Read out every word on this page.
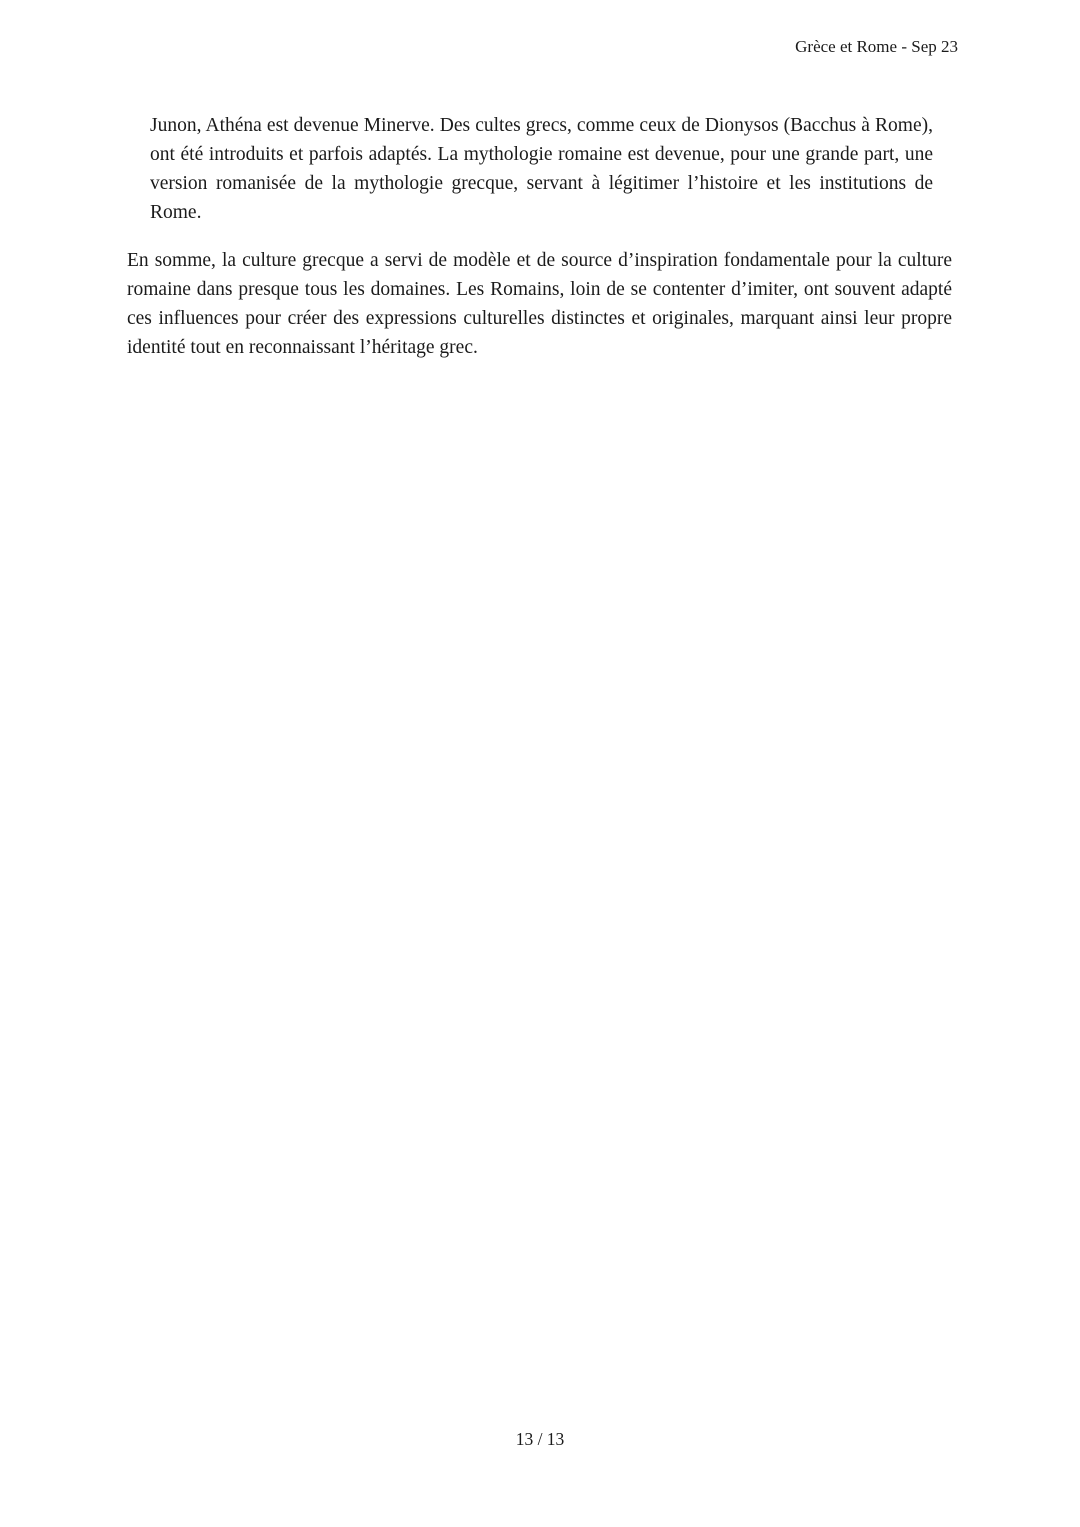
Grèce et Rome - Sep 23

Junon, Athéna est devenue Minerve. Des cultes grecs, comme ceux de Dionysos (Bacchus à Rome), ont été introduits et parfois adaptés. La mythologie romaine est devenue, pour une grande part, une version romanisée de la mythologie grecque, servant à légitimer l’histoire et les institutions de Rome.

En somme, la culture grecque a servi de modèle et de source d’inspiration fondamentale pour la culture romaine dans presque tous les domaines. Les Romains, loin de se contenter d’imiter, ont souvent adapté ces influences pour créer des expressions culturelles distinctes et originales, marquant ainsi leur propre identité tout en reconnaissant l’héritage grec.

13 / 13
